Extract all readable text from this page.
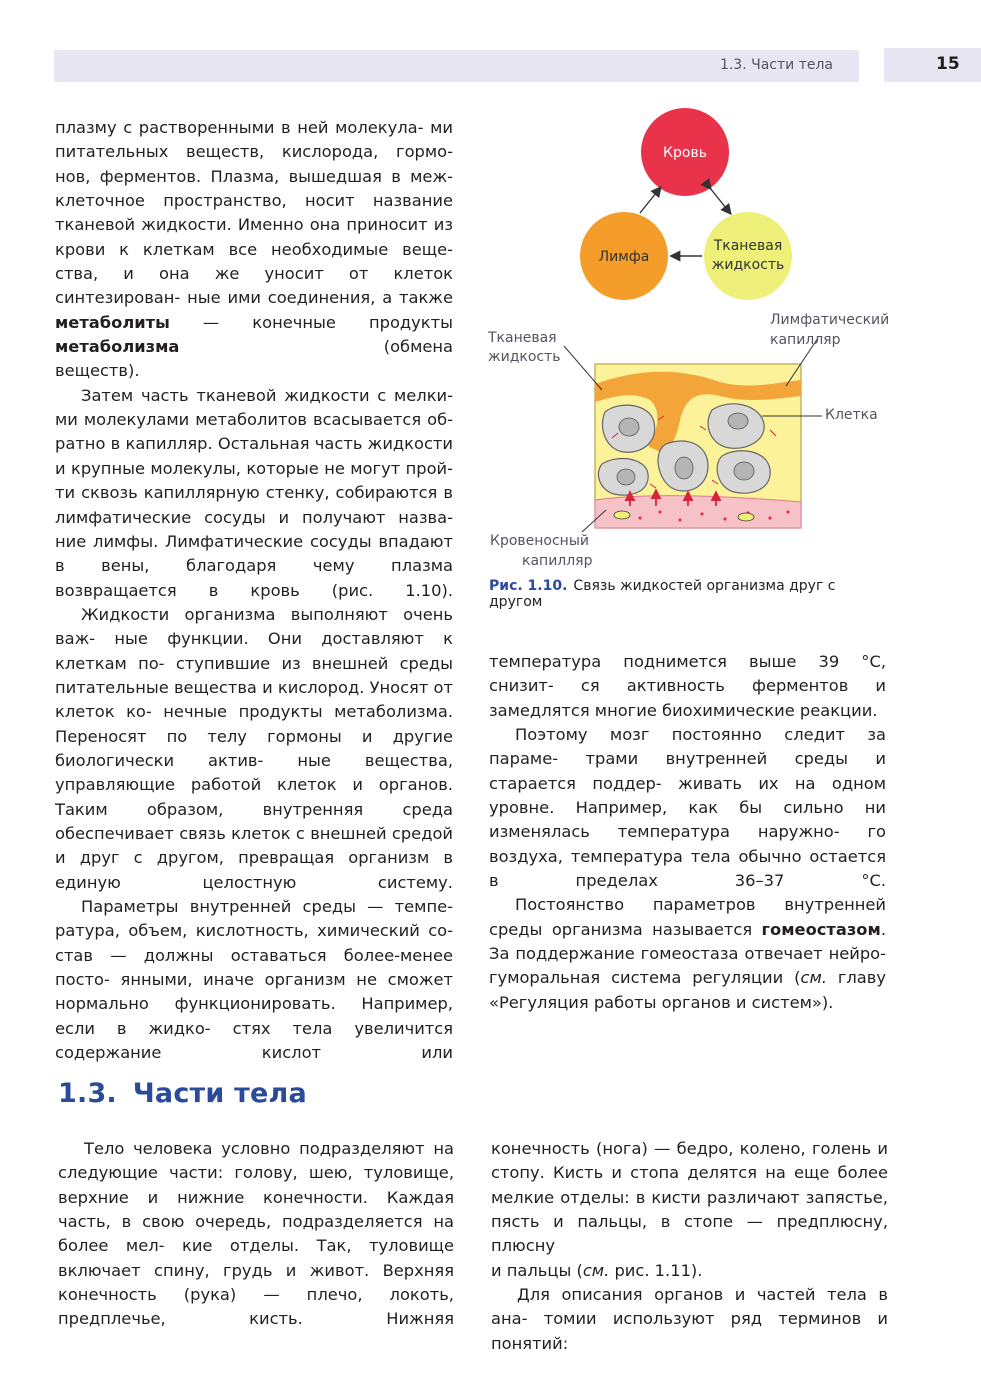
1.3. Части тела	15

плазму с растворенными в ней молекула- ми питательных веществ, кислорода, гормо- нов, ферментов. Плазма, вышедшая в меж- клеточное пространство, носит название тканевой жидкости. Именно она приносит из крови к клеткам все необходимые веще- ства, и она же уносит от клеток синтезирован- ные ими соединения, а также метаболиты — конечные продукты метаболизма (обмена

веществ).

Затем часть тканевой жидкости с мелки- ми молекулами метаболитов всасывается об- ратно в капилляр. Остальная часть жидкости и крупные молекулы, которые не могут прой- ти сквозь капиллярную стенку, собираются в лимфатические сосуды и получают назва- ние лимфы. Лимфатические сосуды впадают в вены, благодаря чему плазма возвращается в кровь (рис. 1.10).

Жидкости организма выполняют очень важ- ные функции. Они доставляют к клеткам по- ступившие из внешней среды питательные вещества и кислород. Уносят от клеток ко- нечные продукты метаболизма. Переносят по телу гормоны и другие биологически актив- ные вещества, управляющие работой клеток и органов. Таким образом, внутренняя среда обеспечивает связь клеток с внешней средой и друг с другом, превращая организм в единую	целостную систему.

Параметры внутренней среды — темпе- ратура, объем, кислотность, химический со- став — должны оставаться более-менее посто- янными, иначе организм не сможет нормально функционировать. Например, если в жидко- стях тела увеличится содержание кислот или

Кровь
Лимфа
Тканевая
жидкость
Тканевая
жидкость
Лимфатический
капилляр
Клетка
Кровеносный
капилляр
Рис. 1.10. Связь жидкостей организма друг с другом

температура поднимется выше 39 °С, снизит- ся активность ферментов и замедлятся многие биохимические реакции.

Поэтому мозг постоянно следит за параме- трами внутренней среды и старается поддер- живать их на одном уровне. Например, как бы сильно ни изменялась температура наружно- го воздуха, температура тела обычно остается в пределах 36–37 °С.

Постоянство параметров внутренней среды организма называется гомеостазом. За поддержание гомеостаза отвечает нейро- гуморальная система регуляции (см. главу

«Регуляция работы органов и систем»).

1.3. Части тела

Тело человека условно подразделяют на следующие части: голову, шею, туловище, верхние и нижние конечности. Каждая часть, в свою очередь, подразделяется на более мел- кие отделы. Так, туловище включает спину, грудь и живот. Верхняя конечность (рука) — плечо, локоть, предплечье, кисть. Нижняя

конечность (нога) — бедро, колено, голень и стопу. Кисть и стопа делятся на еще более мелкие отделы: в кисти различают запястье, пясть и пальцы, в стопе — предплюсну, плюсну

и пальцы (см. рис. 1.11).

Для описания органов и частей тела в ана- томии используют ряд терминов и понятий:
